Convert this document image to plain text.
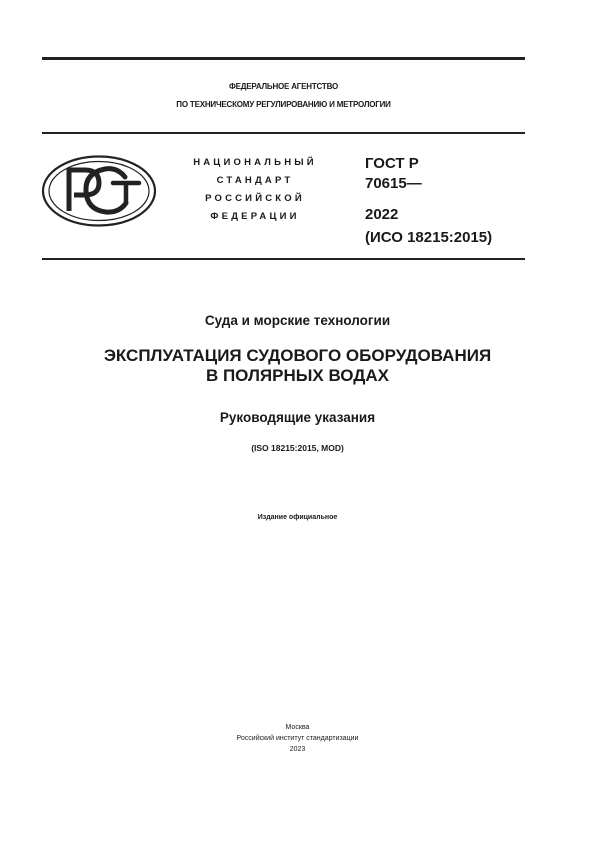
ФЕДЕРАЛЬНОЕ АГЕНТСТВО
ПО ТЕХНИЧЕСКОМУ РЕГУЛИРОВАНИЮ И МЕТРОЛОГИИ
НАЦИОНАЛЬНЫЙ
СТАНДАРТ
РОССИЙСКОЙ
ФЕДЕРАЦИИ
ГОСТ Р
70615—
2022
(ИСО 18215:2015)
Суда и морские технологии
ЭКСПЛУАТАЦИЯ СУДОВОГО ОБОРУДОВАНИЯ
В ПОЛЯРНЫХ ВОДАХ
Руководящие указания
(ISO 18215:2015, MOD)
Издание официальное
Москва
Российский институт стандартизации
2023
